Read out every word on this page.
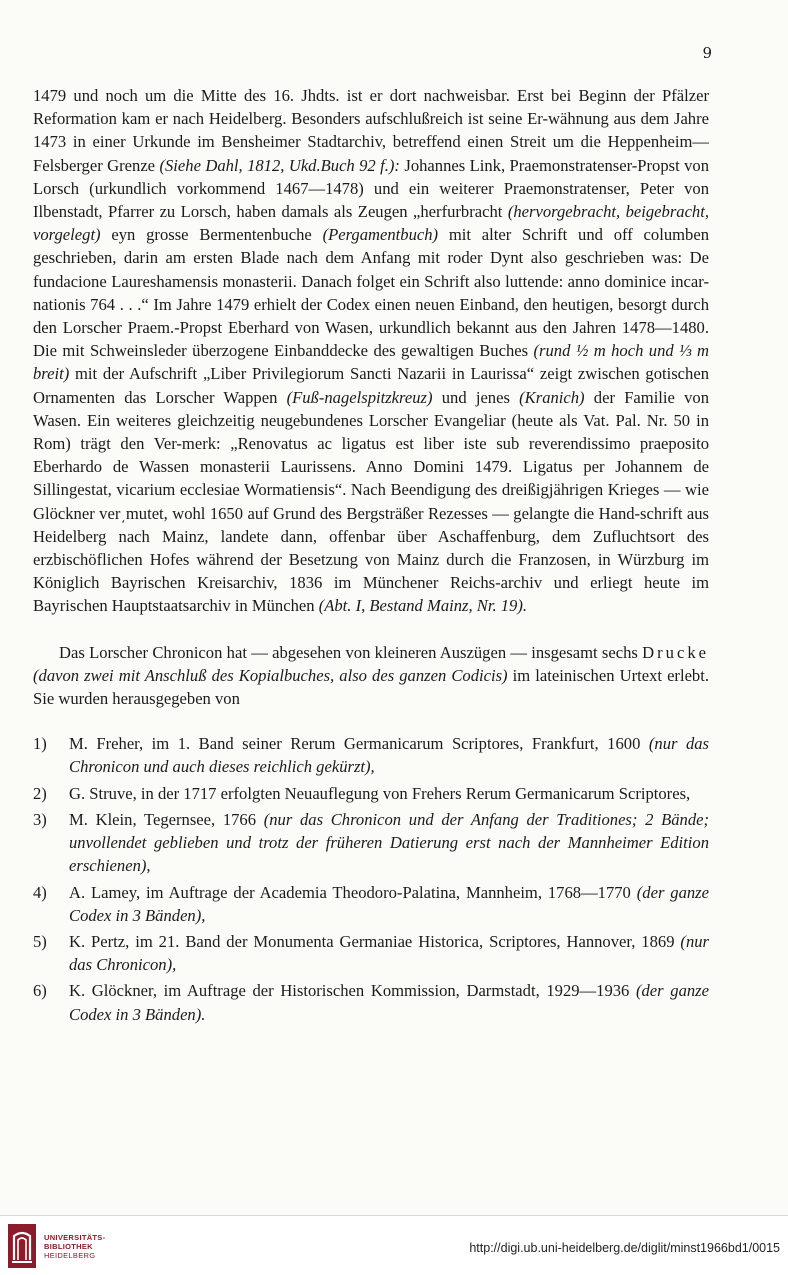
9

1479 und noch um die Mitte des 16. Jhdts. ist er dort nachweisbar. Erst bei Beginn der Pfälzer Reformation kam er nach Heidelberg. Besonders aufschlußreich ist seine Er-wähnung aus dem Jahre 1473 in einer Urkunde im Bensheimer Stadtarchiv, betreffend einen Streit um die Heppenheim—Felsberger Grenze (Siehe Dahl, 1812, Ukd.Buch 92 f.): Johannes Link, Praemonstratenser-Propst von Lorsch (urkundlich vorkommend 1467—1478) und ein weiterer Praemonstratenser, Peter von Ilbenstadt, Pfarrer zu Lorsch, haben damals als Zeugen „herfurbracht (hervorgebracht, beigebracht, vorgelegt) eyn grosse Bermentenbuche (Pergamentbuch) mit alter Schrift und off columben geschrieben, darin am ersten Blade nach dem Anfang mit roder Dynt also geschrieben was: De fundacione Laureshamensis monasterii. Danach folget ein Schrift also luttende: anno dominice incar-nationis 764 . . .“ Im Jahre 1479 erhielt der Codex einen neuen Einband, den heutigen, besorgt durch den Lorscher Praem.-Propst Eberhard von Wasen, urkundlich bekannt aus den Jahren 1478—1480. Die mit Schweinsleder überzogene Einbanddecke des gewaltigen Buches (rund ½ m hoch und ⅓ m breit) mit der Aufschrift „Liber Privilegiorum Sancti Nazarii in Laurissa“ zeigt zwischen gotischen Ornamenten das Lorscher Wappen (Fuß-nagelspitzkreuz) und jenes (Kranich) der Familie von Wasen. Ein weiteres gleichzeitig neugebundenes Lorscher Evangeliar (heute als Vat. Pal. Nr. 50 in Rom) trägt den Ver-merk: „Renovatus ac ligatus est liber iste sub reverendissimo praeposito Eberhardo de Wassen monasterii Laurissens. Anno Domini 1479. Ligatus per Johannem de Sillingestat, vicarium ecclesiae Wormatiensis“. Nach Beendigung des dreißigjährigen Krieges — wie Glöckner ver͵mutet, wohl 1650 auf Grund des Bergsträßer Rezesses — gelangte die Hand-schrift aus Heidelberg nach Mainz, landete dann, offenbar über Aschaffenburg, dem Zufluchtsort des erzbischöflichen Hofes während der Besetzung von Mainz durch die Franzosen, in Würzburg im Königlich Bayrischen Kreisarchiv, 1836 im Münchener Reichs-archiv und erliegt heute im Bayrischen Hauptstaatsarchiv in München (Abt. I, Bestand Mainz, Nr. 19).

Das Lorscher Chronicon hat — abgesehen von kleineren Auszügen — insgesamt sechs Drucke (davon zwei mit Anschluß des Kopialbuches, also des ganzen Codicis) im lateinischen Urtext erlebt. Sie wurden herausgegeben von

1)	M. Freher, im 1. Band seiner Rerum Germanicarum Scriptores, Frankfurt, 1600 (nur das Chronicon und auch dieses reichlich gekürzt),
2)	G. Struve, in der 1717 erfolgten Neuauflegung von Frehers Rerum Germanicarum Scriptores,
3)	M. Klein, Tegernsee, 1766 (nur das Chronicon und der Anfang der Traditiones; 2 Bände; unvollendet geblieben und trotz der früheren Datierung erst nach der Mannheimer Edition erschienen),
4)	A. Lamey, im Auftrage der Academia Theodoro-Palatina, Mannheim, 1768—1770 (der ganze Codex in 3 Bänden),
5)	K. Pertz, im 21. Band der Monumenta Germaniae Historica, Scriptores, Hannover, 1869 (nur das Chronicon),
6)	K. Glöckner, im Auftrage der Historischen Kommission, Darmstadt, 1929—1936 (der ganze Codex in 3 Bänden).
UNIVERSITÄTS-
BIBLIOTHEK
HEIDELBERG
http://digi.ub.uni-heidelberg.de/diglit/minst1966bd1/0015
